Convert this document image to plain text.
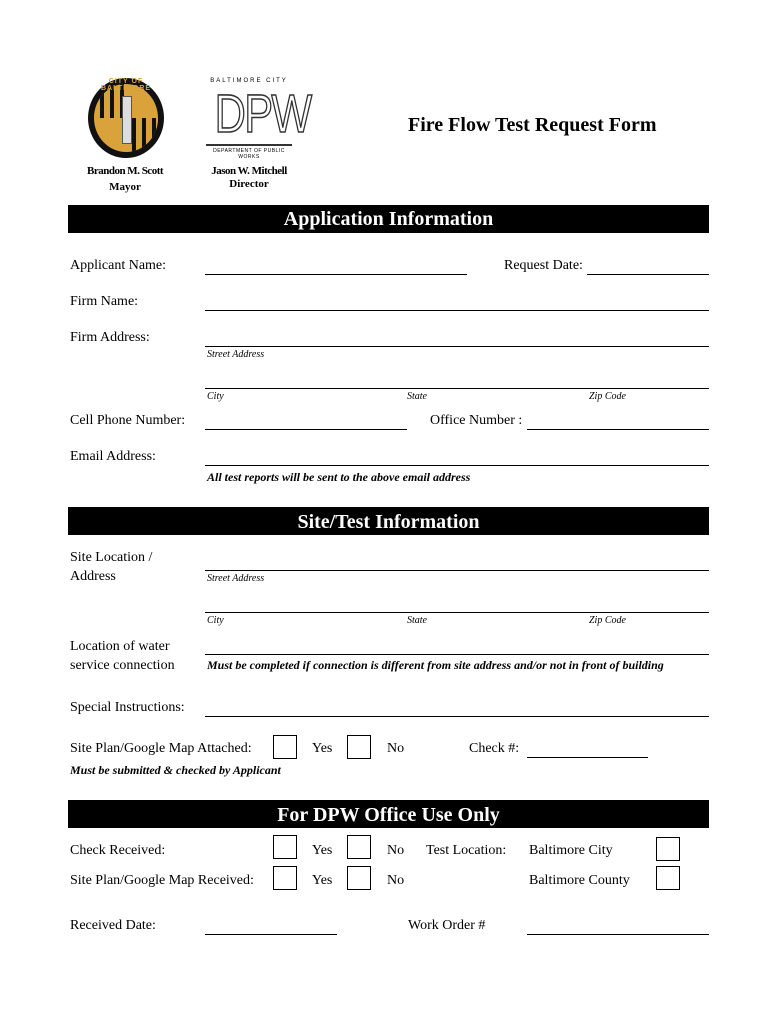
CITY OF BALTIMORE
BALTIMORE CITY
DPW
DEPARTMENT OF PUBLIC WORKS
Brandon M. Scott
Mayor
Jason W. Mitchell
Director
Fire Flow Test Request Form
Application Information
Applicant Name:	Request Date:
Firm Name:
Firm Address:
Street Address
City	State	Zip Code
Cell Phone Number:	Office Number :
Email Address:
All test reports will be sent to the above email address
Site/Test Information
Site Location /
Address	Street Address
City	State	Zip Code
Location of water
service connection	Must be completed if connection is different from site address and/or not in front of building
Special Instructions:
Site Plan/Google Map Attached:	Yes	No	Check #:
Must be submitted & checked by Applicant
For DPW Office Use Only
Check Received:	Yes	No Test Location: Baltimore City
Site Plan/Google Map Received:	Yes	No	Baltimore County
Received Date:	Work Order #
